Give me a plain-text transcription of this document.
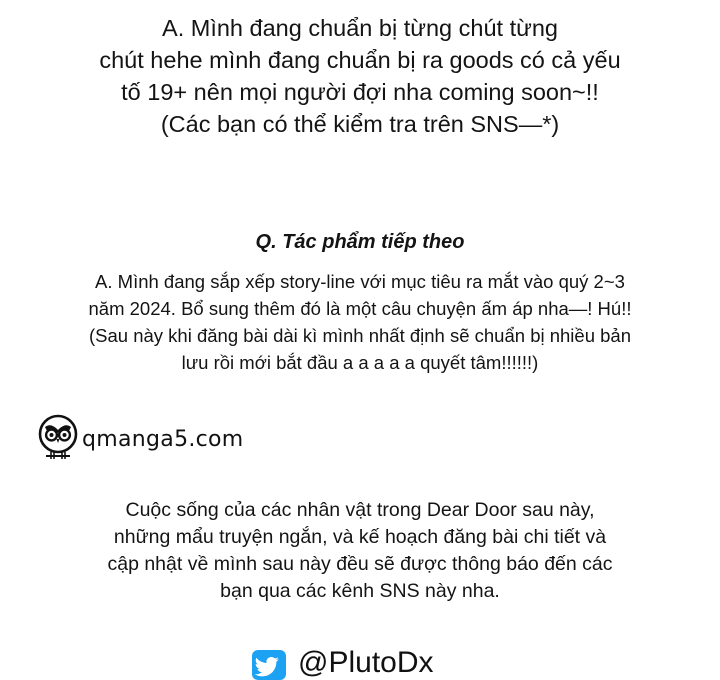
A. Mình đang chuẩn bị từng chút từng
chút hehe mình đang chuẩn bị ra goods có cả yếu
tố 19+ nên mọi người đợi nha coming soon~!!
(Các bạn có thể kiểm tra trên SNS—*)
Q. Tác phẩm tiếp theo
A. Mình đang sắp xếp story-line với mục tiêu ra mắt vào quý 2~3
năm 2024. Bổ sung thêm đó là một câu chuyện ấm áp nha—! Hú!!
(Sau này khi đăng bài dài kì mình nhất định sẽ chuẩn bị nhiều bản
lưu rồi mới bắt đầu a a a a a quyết tâm!!!!!!)
qmanga5.com
Cuộc sống của các nhân vật trong Dear Door sau này,
những mẩu truyện ngắn, và kế hoạch đăng bài chi tiết và
cập nhật về mình sau này đều sẽ được thông báo đến các
bạn qua các kênh SNS này nha.
@PlutoDx
